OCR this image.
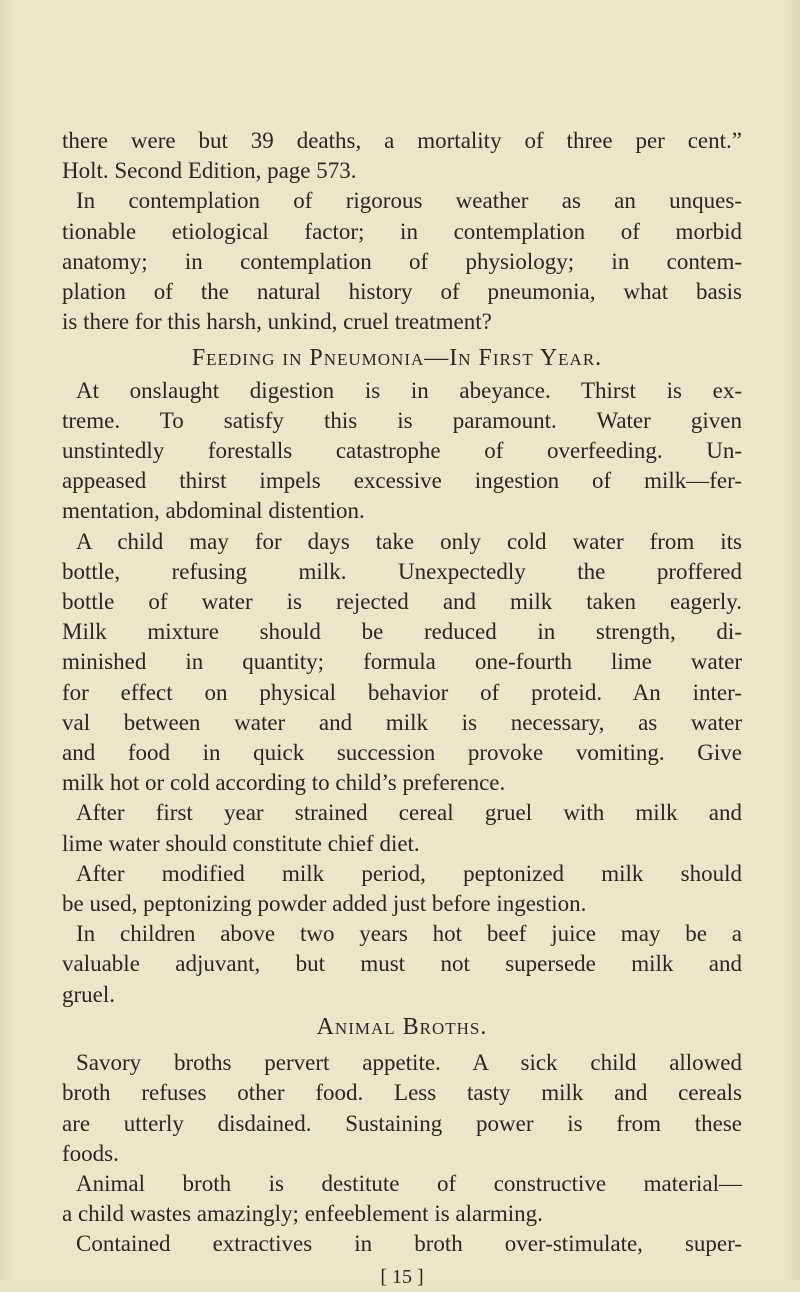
there were but 39 deaths, a mortality of three per cent.”
Holt. Second Edition, page 573.
In contemplation of rigorous weather as an unques-
tionable etiological factor; in contemplation of morbid
anatomy; in contemplation of physiology; in contem-
plation of the natural history of pneumonia, what basis
is there for this harsh, unkind, cruel treatment?
Feeding in Pneumonia—In First Year.
At onslaught digestion is in abeyance. Thirst is ex-
treme. To satisfy this is paramount. Water given
unstintedly forestalls catastrophe of overfeeding. Un-
appeased thirst impels excessive ingestion of milk—fer-
mentation, abdominal distention.
A child may for days take only cold water from its
bottle, refusing milk. Unexpectedly the proffered
bottle of water is rejected and milk taken eagerly.
Milk mixture should be reduced in strength, di-
minished in quantity; formula one-fourth lime water
for effect on physical behavior of proteid. An inter-
val between water and milk is necessary, as water
and food in quick succession provoke vomiting. Give
milk hot or cold according to child’s preference.
After first year strained cereal gruel with milk and
lime water should constitute chief diet.
After modified milk period, peptonized milk should
be used, peptonizing powder added just before ingestion.
In children above two years hot beef juice may be a
valuable adjuvant, but must not supersede milk and
gruel.
Animal Broths.
Savory broths pervert appetite. A sick child allowed
broth refuses other food. Less tasty milk and cereals
are utterly disdained. Sustaining power is from these
foods.
Animal broth is destitute of constructive material—
a child wastes amazingly; enfeeblement is alarming.
Contained extractives in broth over-stimulate, super-
[ 15 ]
